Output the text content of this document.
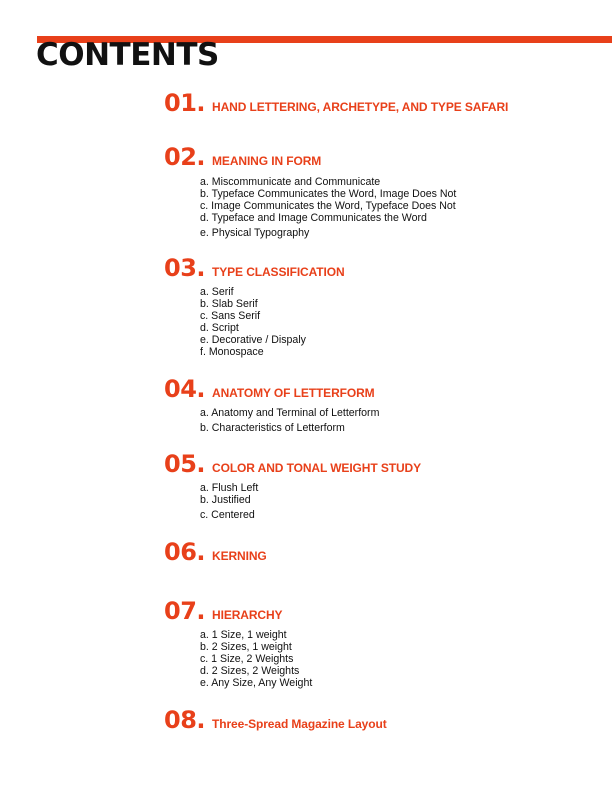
CONTENTS
01. HAND LETTERING, ARCHETYPE, AND TYPE SAFARI
02. MEANING IN FORM
a. Miscommunicate and Communicate
b. Typeface Communicates the Word, Image Does Not
c. Image Communicates the Word, Typeface Does Not
d. Typeface and Image Communicates the Word
e. Physical Typography
03. TYPE CLASSIFICATION
a. Serif
b. Slab Serif
c. Sans Serif
d. Script
e. Decorative / Dispaly
f. Monospace
04. ANATOMY OF LETTERFORM
a. Anatomy and Terminal of Letterform
b. Characteristics of Letterform
05. COLOR AND TONAL WEIGHT STUDY
a. Flush Left
b. Justified
c. Centered
06. KERNING
07. HIERARCHY
a. 1 Size, 1 weight
b. 2 Sizes, 1 weight
c. 1 Size, 2 Weights
d. 2 Sizes, 2 Weights
e. Any Size, Any Weight
08. Three-Spread Magazine Layout
